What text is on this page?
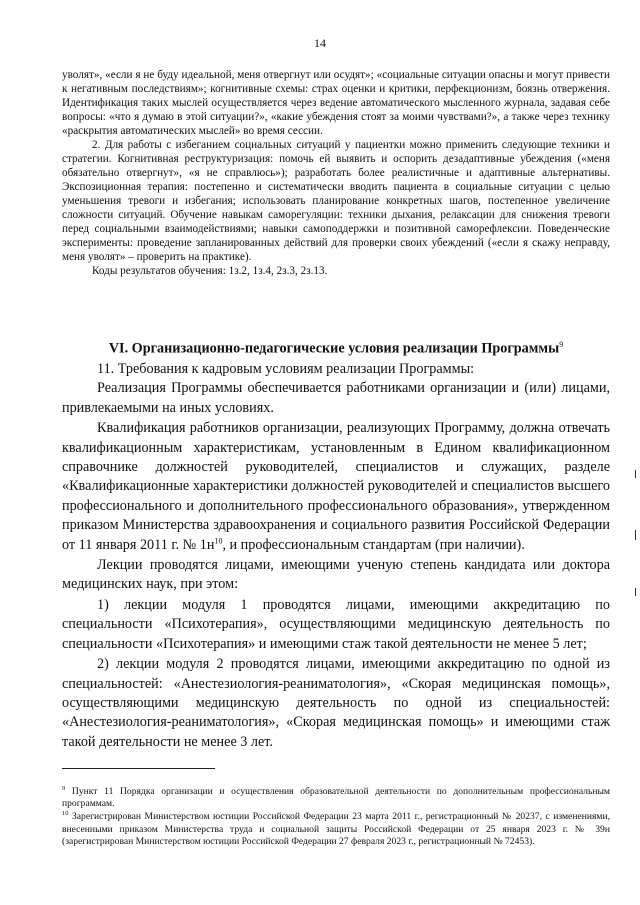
14

уволят», «если я не буду идеальной, меня отвергнут или осудят»; «социальные ситуации опасны и могут привести к негативным последствиям»; когнитивные схемы: страх оценки и критики, перфекционизм, боязнь отвержения. Идентификация таких мыслей осуществляется через ведение автоматического мысленного журнала, задавая себе вопросы: «что я думаю в этой ситуации?», «какие убеждения стоят за моими чувствами?», а также через технику «раскрытия автоматических мыслей» во время сессии.

2. Для работы с избеганием социальных ситуаций у пациентки можно применить следующие техники и стратегии. Когнитивная реструктуризация: помочь ей выявить и оспорить дезадаптивные убеждения («меня обязательно отвергнут», «я не справлюсь»); разработать более реалистичные и адаптивные альтернативы. Экспозиционная терапия: постепенно и систематически вводить пациента в социальные ситуации с целью уменьшения тревоги и избегания; использовать планирование конкретных шагов, постепенное увеличение сложности ситуаций. Обучение навыкам саморегуляции: техники дыхания, релаксации для снижения тревоги перед социальными взаимодействиями; навыки самоподдержки и позитивной саморефлексии. Поведенческие эксперименты: проведение запланированных действий для проверки своих убеждений («если я скажу неправду, меня уволят» – проверить на практике).

Коды результатов обучения: 1з.2, 1з.4, 2з.3, 2з.13.

VI. Организационно-педагогические условия реализации Программы$^9$

11. Требования к кадровым условиям реализации Программы:

Реализация Программы обеспечивается работниками организации и (или) лицами, привлекаемыми на иных условиях.

Квалификация работников организации, реализующих Программу, должна отвечать квалификационным характеристикам, установленным в Едином квалификационном справочнике должностей руководителей, специалистов и служащих, разделе «Квалификационные характеристики должностей руководителей и специалистов высшего профессионального и дополнительного профессионального образования», утвержденном приказом Министерства здравоохранения и социального развития Российской Федерации от 11 января 2011 г. № $1н^{10}$, и профессиональным стандартам (при наличии).

Лекции проводятся лицами, имеющими ученую степень кандидата или доктора медицинских наук, при этом:

1) лекции модуля 1 проводятся лицами, имеющими аккредитацию по специальности «Психотерапия», осуществляющими медицинскую деятельность по специальности «Психотерапия» и имеющими стаж такой деятельности не менее 5 лет;

2) лекции модуля 2 проводятся лицами, имеющими аккредитацию по одной из специальностей: «Анестезиология-реаниматология», «Скорая медицинская помощь», осуществляющими медицинскую деятельность по одной из специальностей: «Анестезиология-реаниматология», «Скорая медицинская помощь» и имеющими стаж такой деятельности не менее 3 лет.

$^9$ Пункт 11 Порядка организации и осуществления образовательной деятельности по дополнительным профессиональным программам.

$^{10}$ Зарегистрирован Министерством юстиции Российской Федерации 23 марта 2011 г., регистрационный № 20237, с изменениями, внесенными приказом Министерства труда и социальной защиты Российской Федерации от 25 января 2023 г. № 39н (зарегистрирован Министерством юстиции Российской Федерации 27 февраля 2023 г., регистрационный № 72453).
